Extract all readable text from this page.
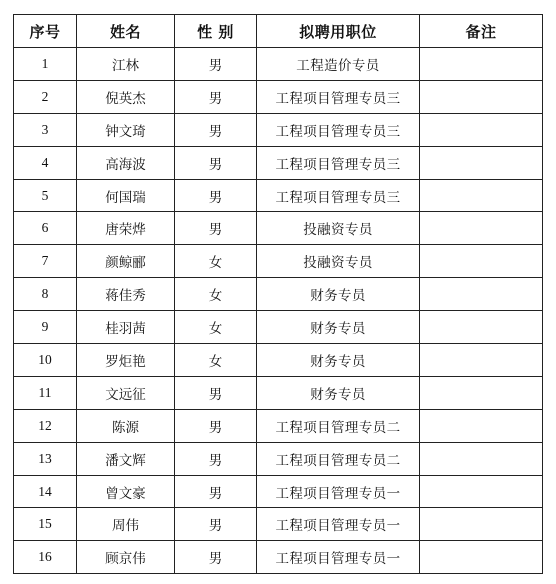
序号	姓名	性 别	拟聘用职位	备注
1	江林	男	工程造价专员	
2	倪英杰	男	工程项目管理专员三	
3	钟文琦	男	工程项目管理专员三	
4	高海波	男	工程项目管理专员三	
5	何国瑞	男	工程项目管理专员三	
6	唐荣烨	男	投融资专员	
7	颜鲸郦	女	投融资专员	
8	蒋佳秀	女	财务专员	
9	桂羽茜	女	财务专员	
10	罗炬艳	女	财务专员	
11	文远征	男	财务专员	
12	陈源	男	工程项目管理专员二	
13	潘文辉	男	工程项目管理专员二	
14	曾文豪	男	工程项目管理专员一	
15	周伟	男	工程项目管理专员一	
16	顾京伟	男	工程项目管理专员一	
